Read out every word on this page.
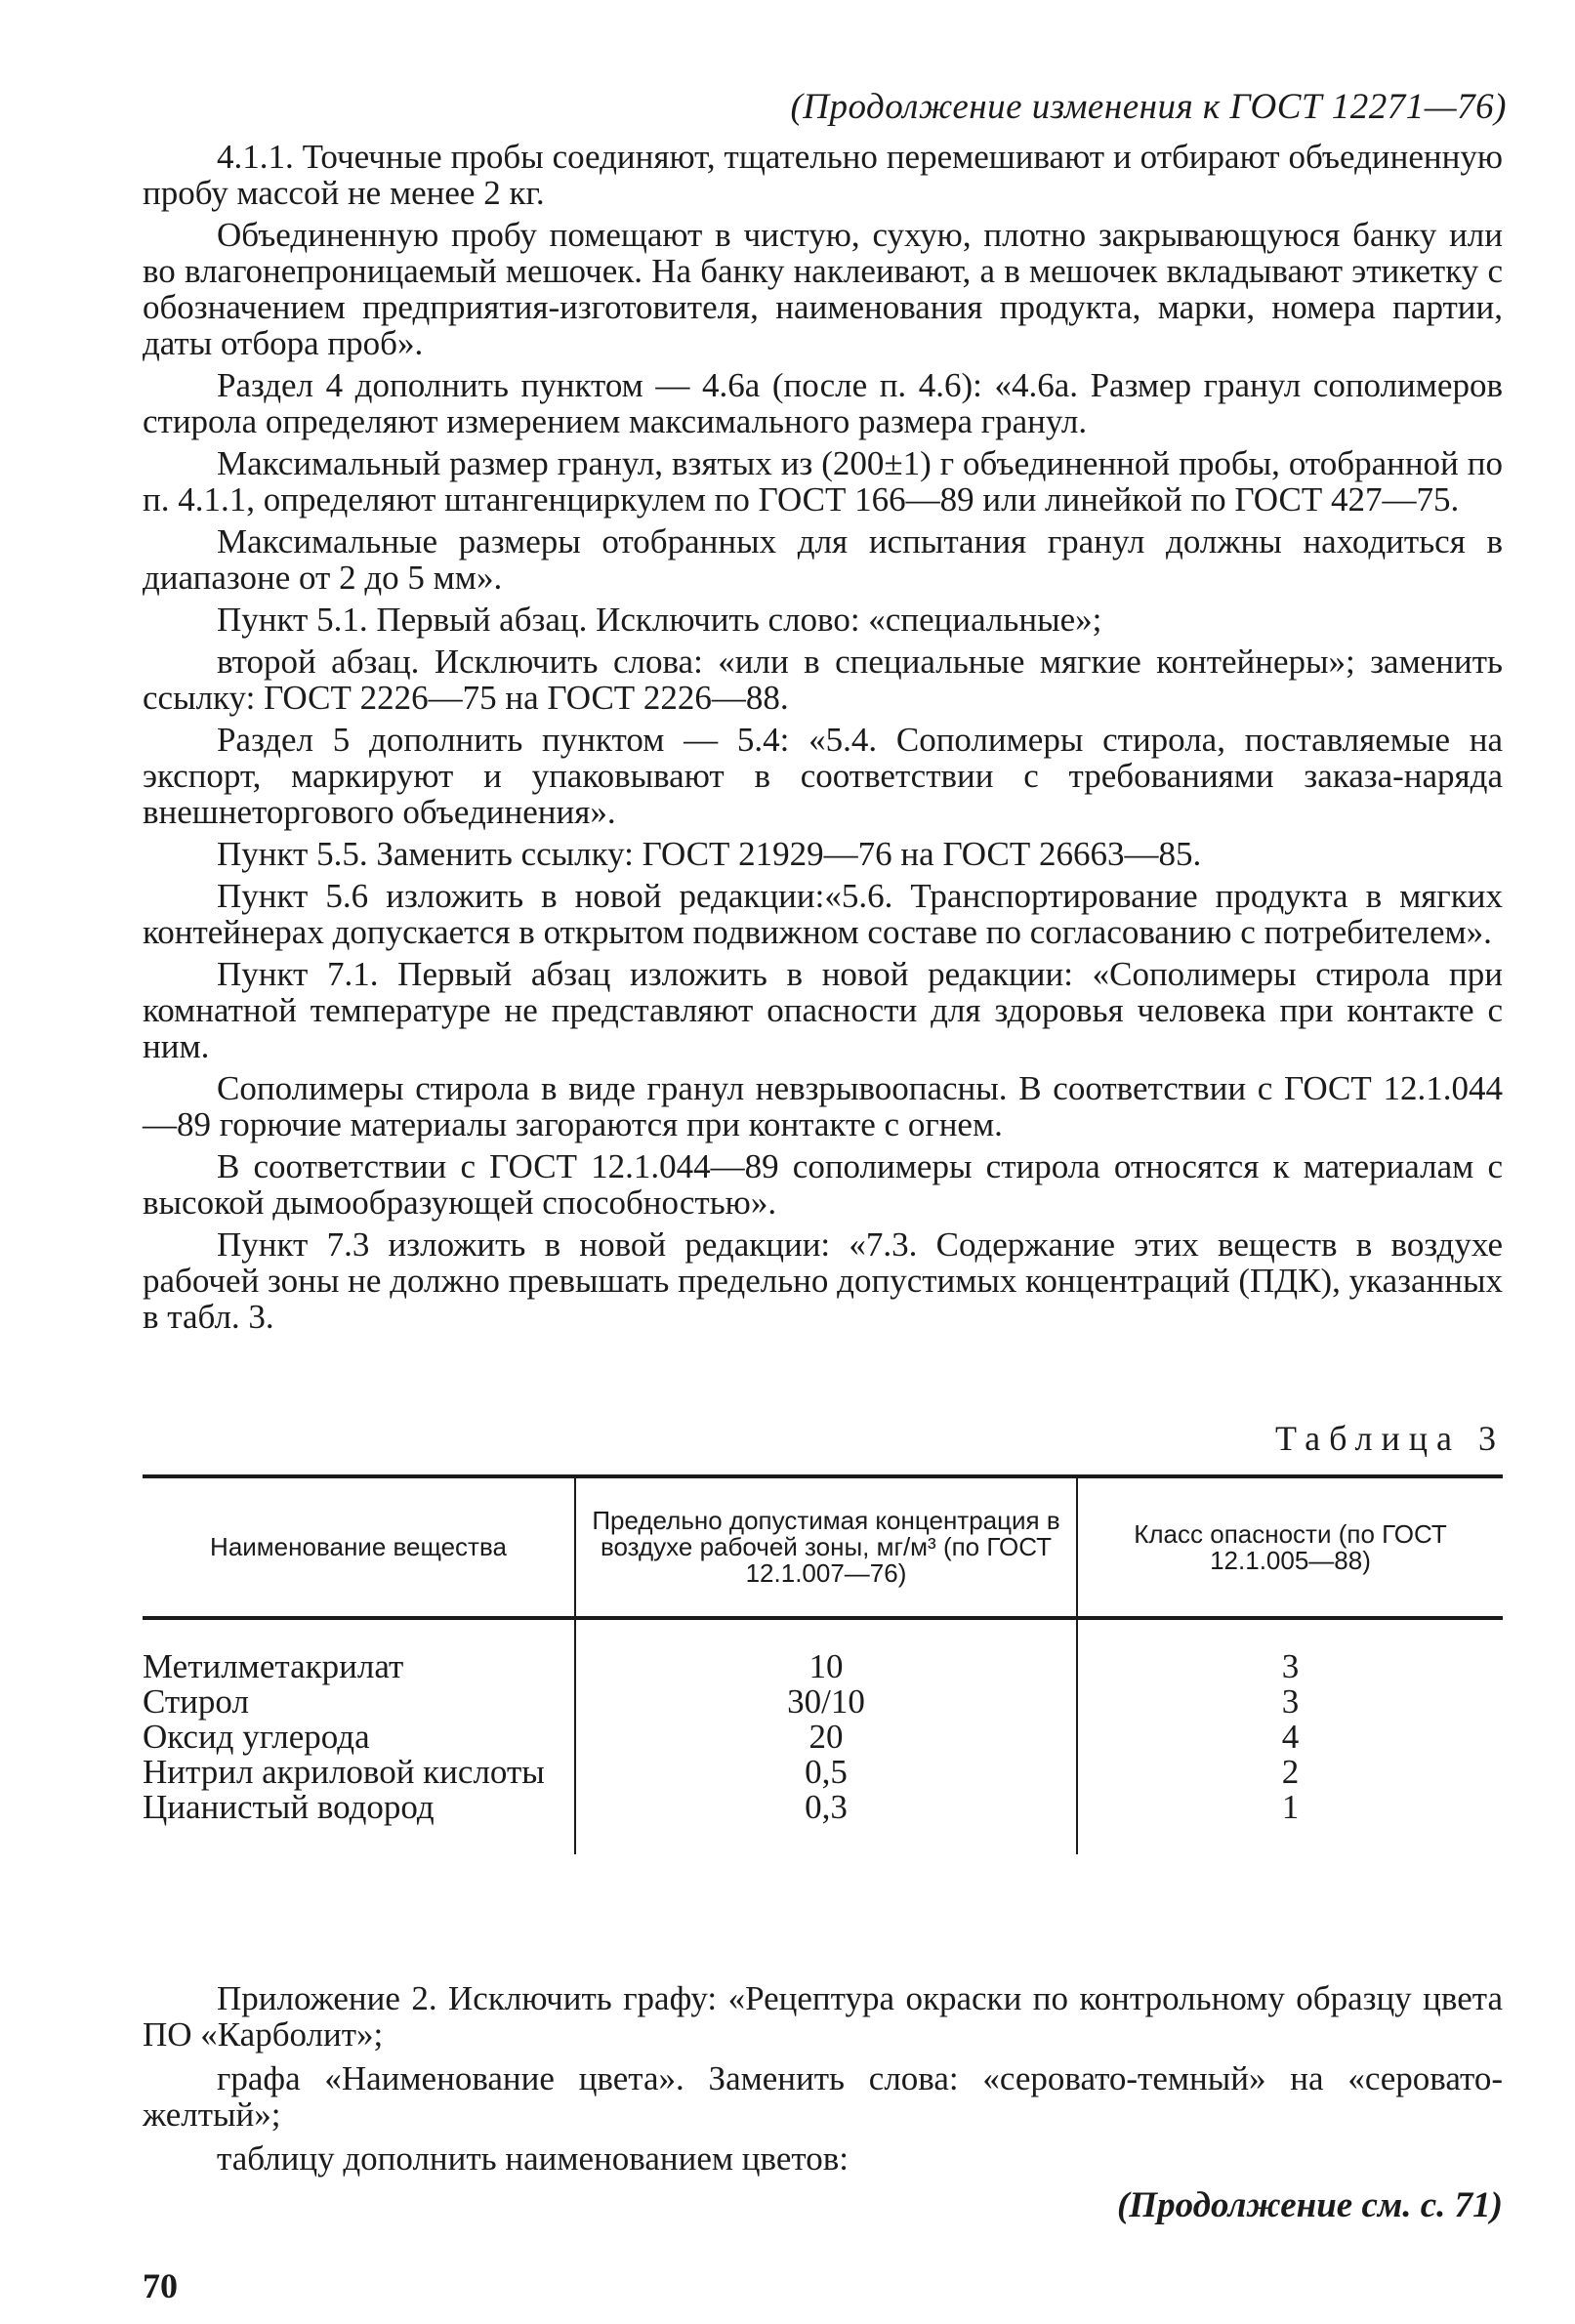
(Продолжение изменения к ГОСТ 12271—76)

4.1.1. Точечные пробы соединяют, тщательно перемешивают и отбирают объединенную пробу массой не менее 2 кг.

Объединенную пробу помещают в чистую, сухую, плотно закрывающуюся банку или во влагонепроницаемый мешочек. На банку наклеивают, а в мешочек вкладывают этикетку с обозначением предприятия-изготовителя, наименования продукта, марки, номера партии, даты отбора проб».

Раздел 4 дополнить пунктом — 4.6а (после п. 4.6): «4.6а. Размер гранул сополимеров стирола определяют измерением максимального размера гранул.

Максимальный размер гранул, взятых из (200±1) г объединенной пробы, отобранной по п. 4.1.1, определяют штангенциркулем по ГОСТ 166—89 или линейкой по ГОСТ 427—75.

Максимальные размеры отобранных для испытания гранул должны находиться в диапазоне от 2 до 5 мм».

Пункт 5.1. Первый абзац. Исключить слово: «специальные»;

второй абзац. Исключить слова: «или в специальные мягкие контейнеры»; заменить ссылку: ГОСТ 2226—75 на ГОСТ 2226—88.

Раздел 5 дополнить пунктом — 5.4: «5.4. Сополимеры стирола, поставляемые на экспорт, маркируют и упаковывают в соответствии с требованиями заказа-наряда внешнеторгового объединения».

Пункт 5.5. Заменить ссылку: ГОСТ 21929—76 на ГОСТ 26663—85.

Пункт 5.6 изложить в новой редакции:«5.6. Транспортирование продукта в мягких контейнерах допускается в открытом подвижном составе по согласованию с потребителем».

Пункт 7.1. Первый абзац изложить в новой редакции: «Сополимеры стирола при комнатной температуре не представляют опасности для здоровья человека при контакте с ним.

Сополимеры стирола в виде гранул невзрывоопасны. В соответствии с ГОСТ 12.1.044—89 горючие материалы загораются при контакте с огнем.

В соответствии с ГОСТ 12.1.044—89 сополимеры стирола относятся к материалам с высокой дымообразующей способностью».

Пункт 7.3 изложить в новой редакции: «7.3. Содержание этих веществ в воздухе рабочей зоны не должно превышать предельно допустимых концентраций (ПДК), указанных в табл. 3.

Таблица 3
Наименование вещества	Предельно допустимая концентрация в воздухе рабочей зоны, мг/м³ (по ГОСТ 12.1.007—76)	Класс опасности (по ГОСТ 12.1.005—88)
Метилметакрилат	10	3
Стирол	30/10	3
Оксид углерода	20	4
Нитрил акриловой кислоты	0,5	2
Цианистый водород	0,3	1

Приложение 2. Исключить графу: «Рецептура окраски по контрольному образцу цвета ПО «Карболит»;

графа «Наименование цвета». Заменить слова: «серовато-темный» на «серовато-желтый»;

таблицу дополнить наименованием цветов:

(Продолжение см. с. 71)
70
